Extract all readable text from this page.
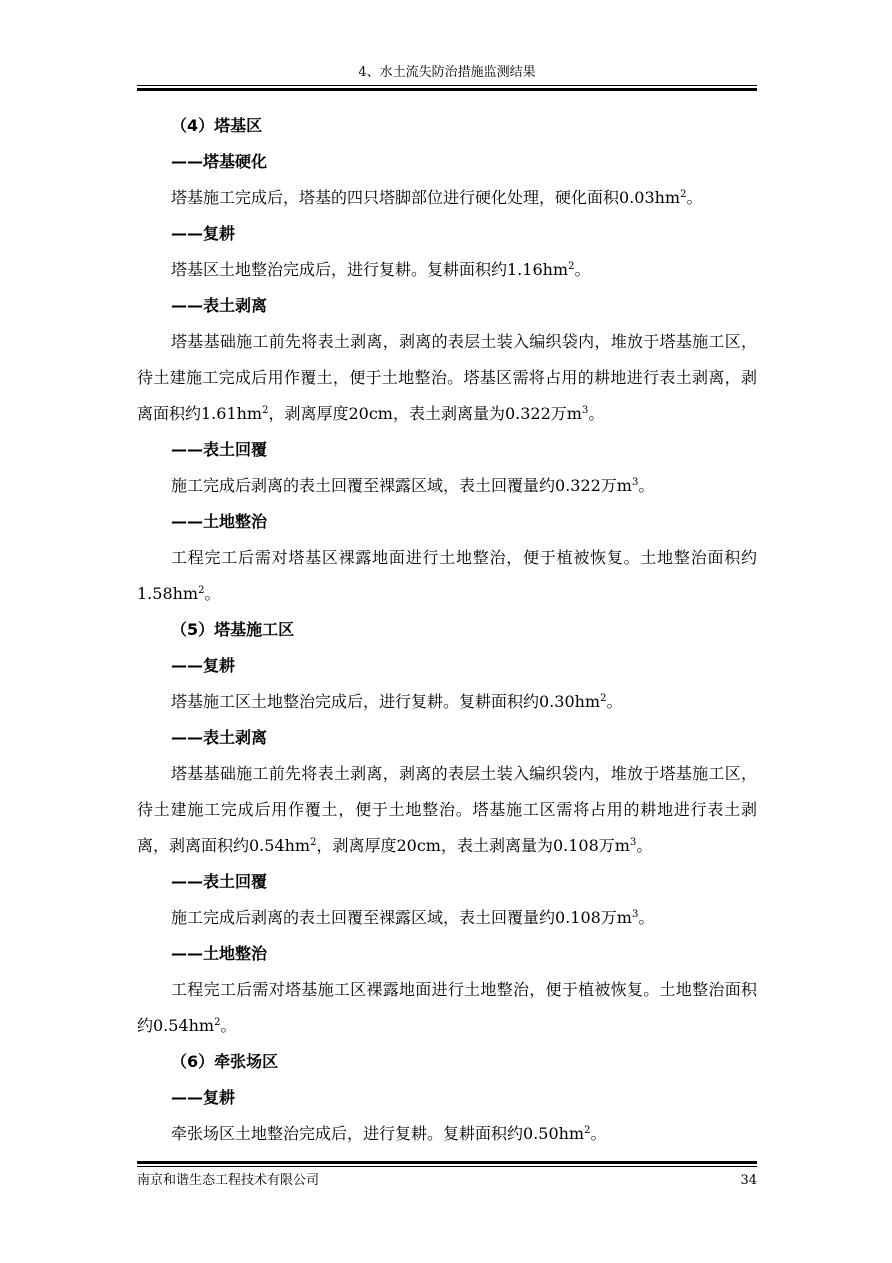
4、水土流失防治措施监测结果

（4）塔基区

——塔基硬化

塔基施工完成后，塔基的四只塔脚部位进行硬化处理，硬化面积$0.03hm^2$。

——复耕

塔基区土地整治完成后，进行复耕。复耕面积约$1.16hm^2$。

——表土剥离

塔基基础施工前先将表土剥离，剥离的表层土装入编织袋内，堆放于塔基施工区，待土建施工完成后用作覆土，便于土地整治。塔基区需将占用的耕地进行表土剥离，剥离面积约$1.61hm^2$，剥离厚度20cm，表土剥离量为0.322万$m^3$。

——表土回覆

施工完成后剥离的表土回覆至裸露区域，表土回覆量约0.322万$m^3$。

——土地整治

工程完工后需对塔基区裸露地面进行土地整治，便于植被恢复。土地整治面积约$1.58hm^2$。

（5）塔基施工区

——复耕

塔基施工区土地整治完成后，进行复耕。复耕面积约$0.30hm^2$。

——表土剥离

塔基基础施工前先将表土剥离，剥离的表层土装入编织袋内，堆放于塔基施工区，待土建施工完成后用作覆土，便于土地整治。塔基施工区需将占用的耕地进行表土剥离，剥离面积约$0.54hm^2$，剥离厚度20cm，表土剥离量为0.108万$m^3$。

——表土回覆

施工完成后剥离的表土回覆至裸露区域，表土回覆量约0.108万$m^3$。

——土地整治

工程完工后需对塔基施工区裸露地面进行土地整治，便于植被恢复。土地整治面积约$0.54hm^2$。

（6）牵张场区

——复耕

牵张场区土地整治完成后，进行复耕。复耕面积约$0.50hm^2$。

南京和谐生态工程技术有限公司	34
